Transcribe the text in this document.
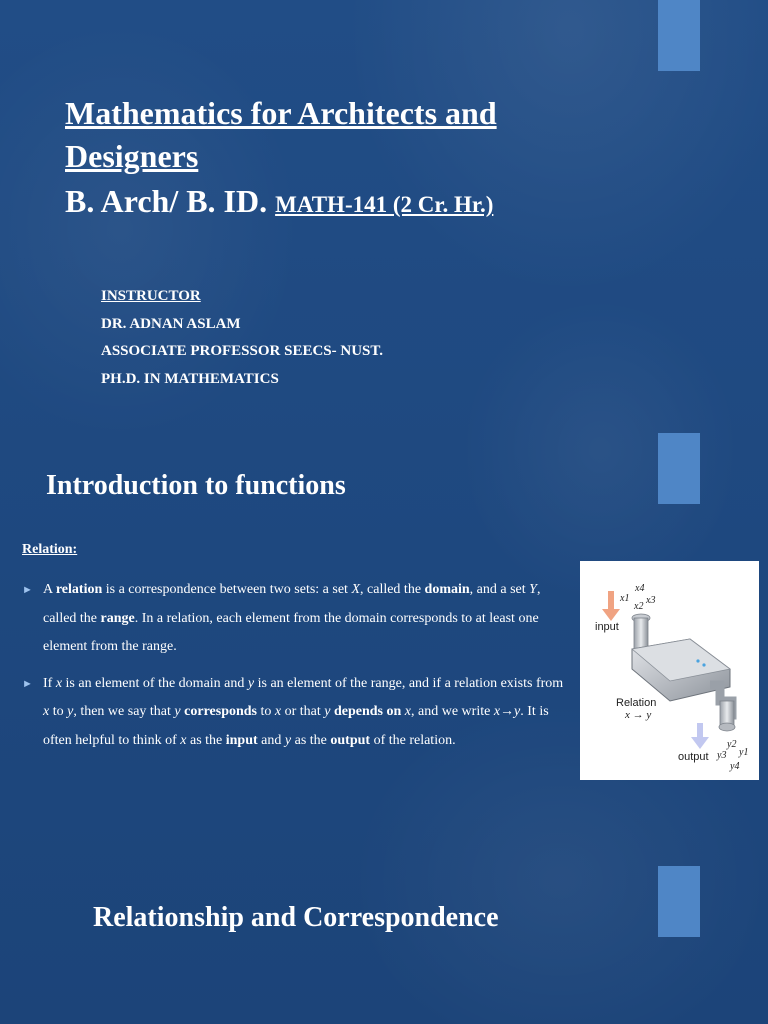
Mathematics for Architects and
Designers
B. Arch/ B. ID. MATH-141 (2 Cr. Hr.)
INSTRUCTOR
DR. ADNAN ASLAM
ASSOCIATE PROFESSOR SEECS- NUST.
PH.D. IN MATHEMATICS
Introduction to functions
Relation:
► A relation is a correspondence between two sets: a set X, called the domain, and a set Y, called the range. In a relation, each element from the domain corresponds to at least one element from the range.
► If x is an element of the domain and y is an element of the range, and if a relation exists from x to y, then we say that y corresponds to x or that y depends on x, and we write x→y. It is often helpful to think of x as the input and y as the output of the relation.
x4
x1 x3
x2
input
Relation
x → y
output
y2
y1
y3
y4
Relationship and Correspondence
